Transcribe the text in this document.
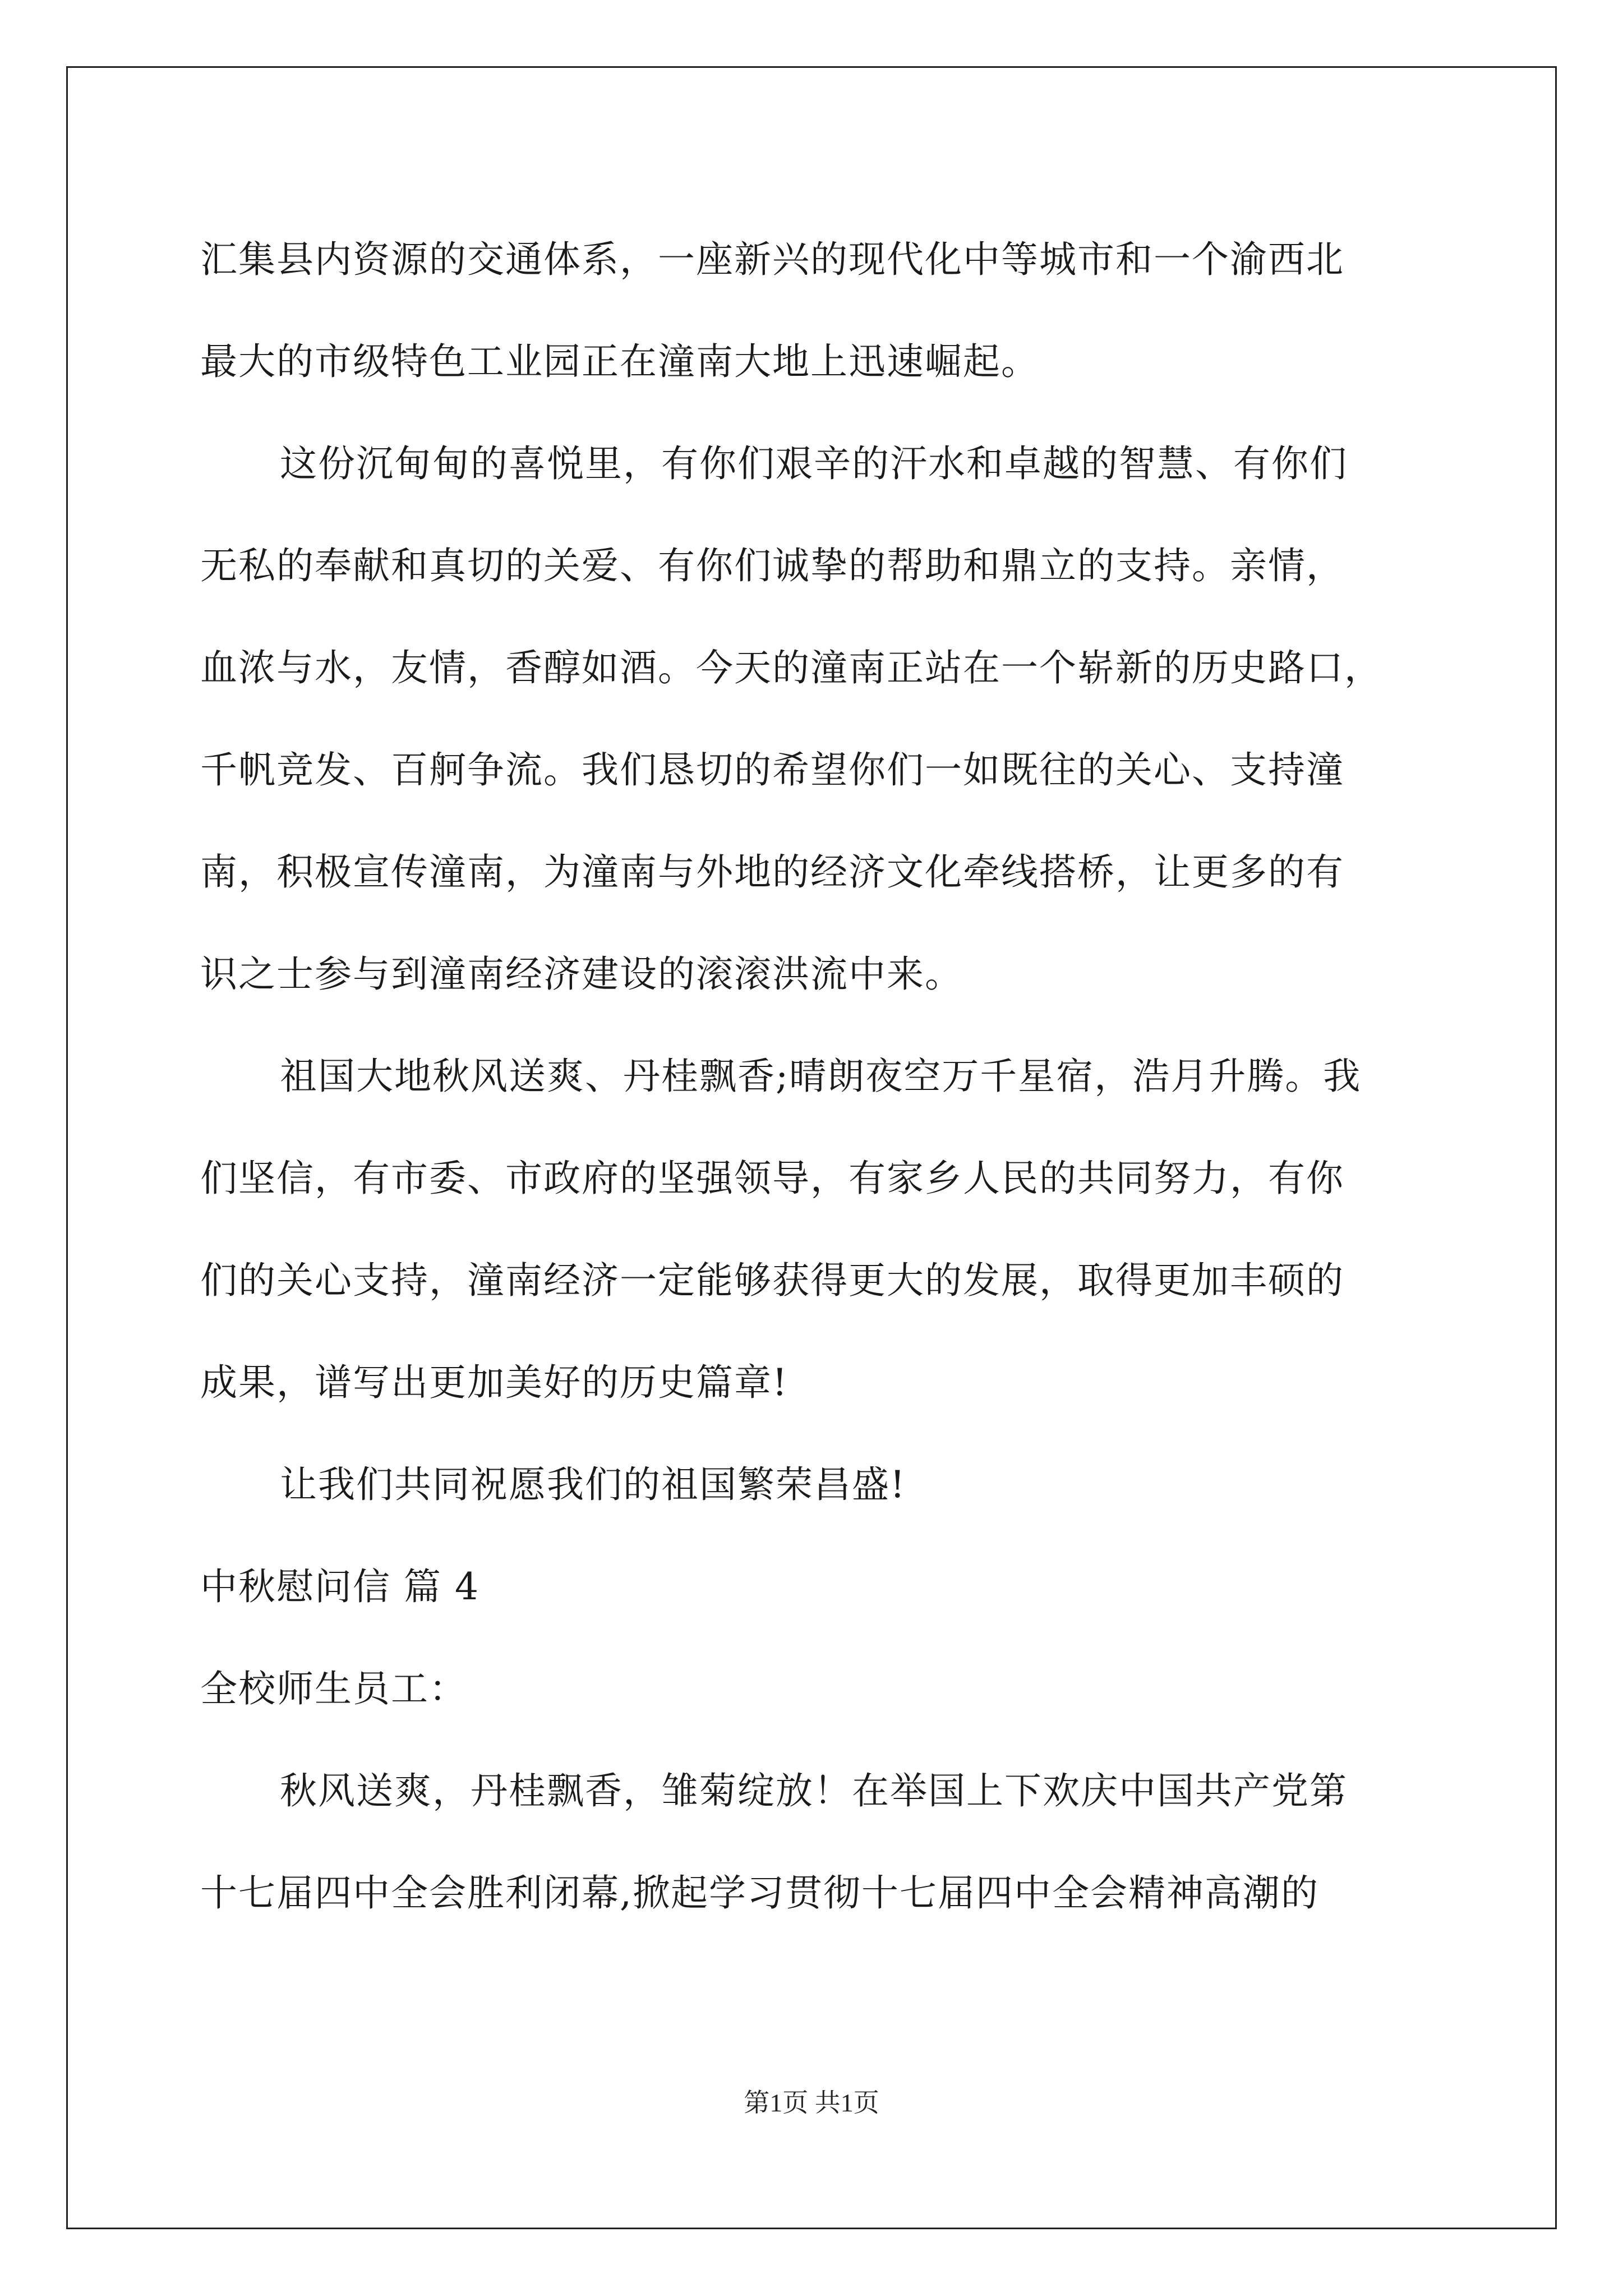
汇集县内资源的交通体系，一座新兴的现代化中等城市和一个渝西北
最大的市级特色工业园正在潼南大地上迅速崛起。
这份沉甸甸的喜悦里，有你们艰辛的汗水和卓越的智慧、有你们
无私的奉献和真切的关爱、有你们诚挚的帮助和鼎立的支持。亲情，
血浓与水，友情，香醇如酒。今天的潼南正站在一个崭新的历史路口，
千帆竞发、百舸争流。我们恳切的希望你们一如既往的关心、支持潼
南，积极宣传潼南，为潼南与外地的经济文化牵线搭桥，让更多的有
识之士参与到潼南经济建设的滚滚洪流中来。
祖国大地秋风送爽、丹桂飘香;晴朗夜空万千星宿，浩月升腾。我
们坚信，有市委、市政府的坚强领导，有家乡人民的共同努力，有你
们的关心支持，潼南经济一定能够获得更大的发展，取得更加丰硕的
成果，谱写出更加美好的历史篇章!
让我们共同祝愿我们的祖国繁荣昌盛!
中秋慰问信 篇 4
全校师生员工：
秋风送爽，丹桂飘香，雏菊绽放！在举国上下欢庆中国共产党第
十七届四中全会胜利闭幕,掀起学习贯彻十七届四中全会精神高潮的
第1页 共1页
